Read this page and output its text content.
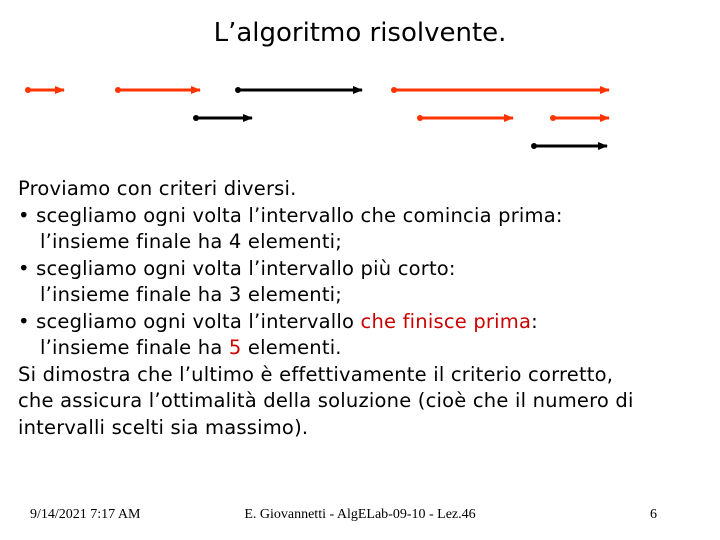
L’algoritmo risolvente.
Proviamo con criteri diversi.
• scegliamo ogni volta l’intervallo che comincia prima:
l’insieme finale ha 4 elementi;
• scegliamo ogni volta l’intervallo più corto:
l’insieme finale ha 3 elementi;
• scegliamo ogni volta l’intervallo che finisce prima:
l’insieme finale ha 5 elementi.
Si dimostra che l’ultimo è effettivamente il criterio corretto,
che assicura l’ottimalità della soluzione (cioè che il numero di
intervalli scelti sia massimo).
9/14/2021 7:17 AM	E. Giovannetti - AlgELab-09-10 - Lez.46	6
